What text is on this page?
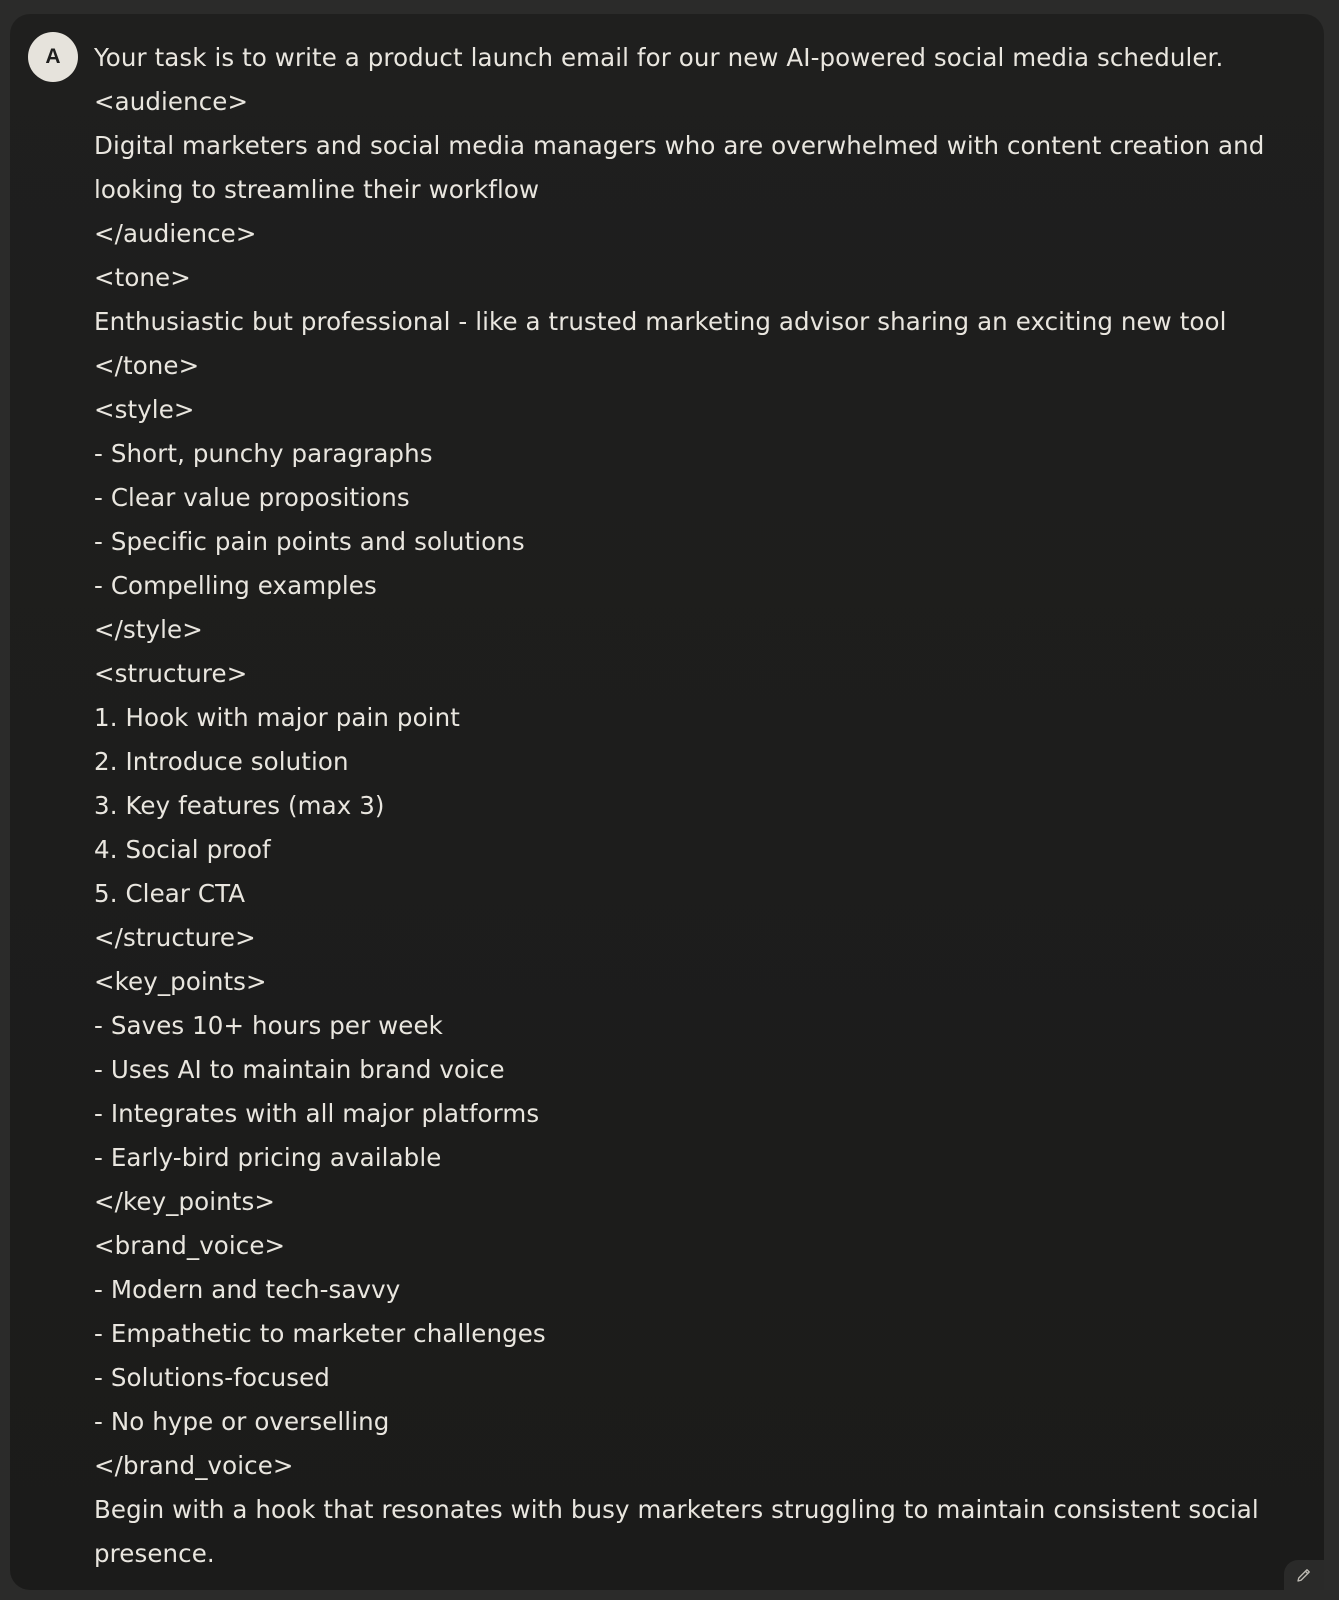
A	Your task is to write a product launch email for our new AI-powered social media scheduler.
<audience>
Digital marketers and social media managers who are overwhelmed with content creation and looking to streamline their workflow
</audience>
<tone>
Enthusiastic but professional - like a trusted marketing advisor sharing an exciting new tool
</tone>
<style>
- Short, punchy paragraphs
- Clear value propositions
- Specific pain points and solutions
- Compelling examples
</style>
<structure>
1. Hook with major pain point
2. Introduce solution
3. Key features (max 3)
4. Social proof
5. Clear CTA
</structure>
<key_points>
- Saves 10+ hours per week
- Uses AI to maintain brand voice
- Integrates with all major platforms
- Early-bird pricing available
</key_points>
<brand_voice>
- Modern and tech-savvy
- Empathetic to marketer challenges
- Solutions-focused
- No hype or overselling
</brand_voice>
Begin with a hook that resonates with busy marketers struggling to maintain consistent social presence.
